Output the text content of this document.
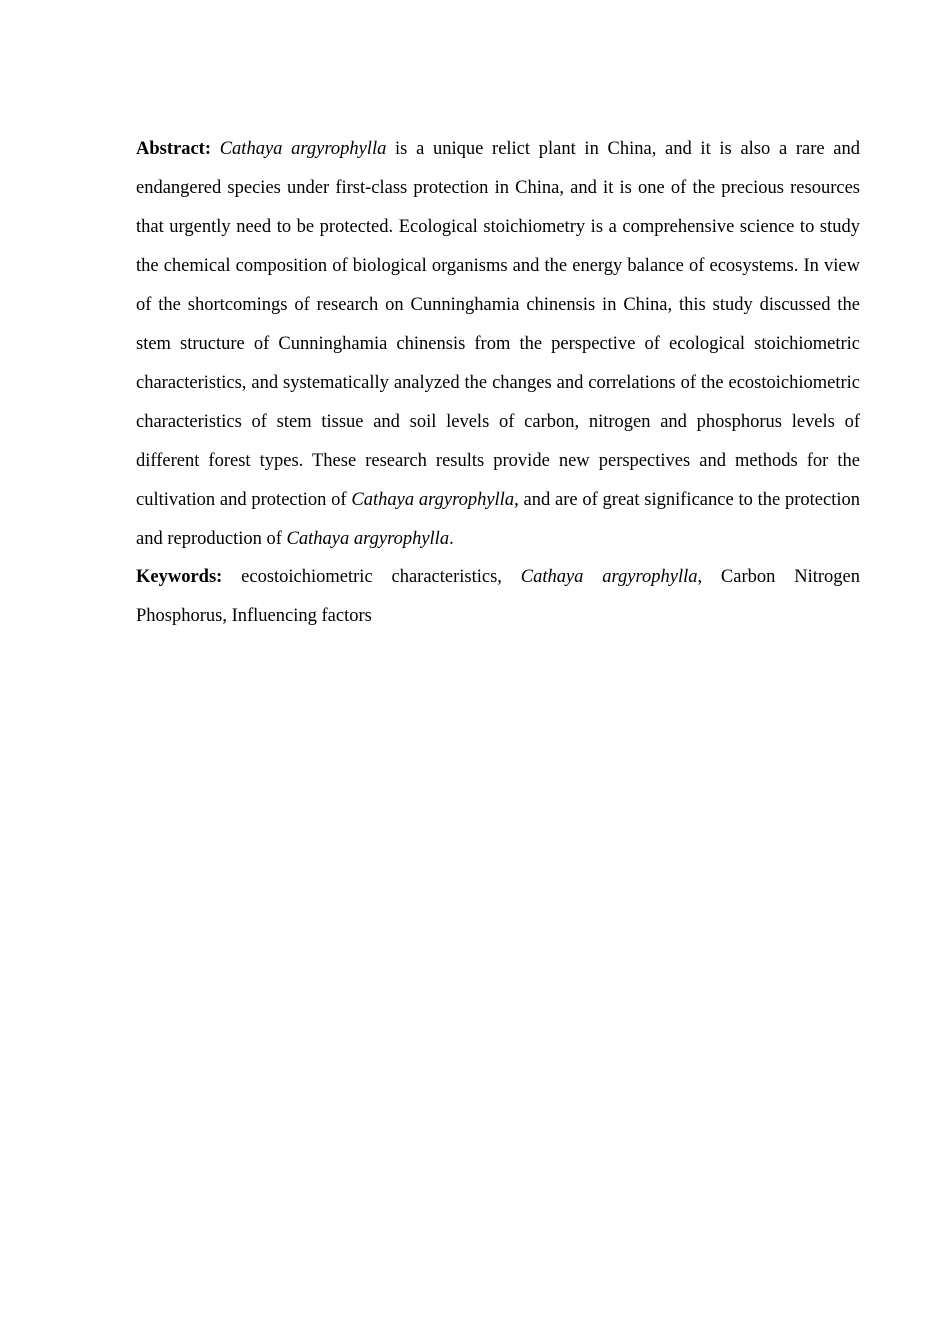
Abstract: Cathaya argyrophylla is a unique relict plant in China, and it is also a rare and endangered species under first-class protection in China, and it is one of the precious resources that urgently need to be protected. Ecological stoichiometry is a comprehensive science to study the chemical composition of biological organisms and the energy balance of ecosystems. In view of the shortcomings of research on Cunninghamia chinensis in China, this study discussed the stem structure of Cunninghamia chinensis from the perspective of ecological stoichiometric characteristics, and systematically analyzed the changes and correlations of the ecostoichiometric characteristics of stem tissue and soil levels of carbon, nitrogen and phosphorus levels of different forest types. These research results provide new perspectives and methods for the cultivation and protection of Cathaya argyrophylla, and are of great significance to the protection and reproduction of Cathaya argyrophylla.

Keywords: ecostoichiometric characteristics, Cathaya argyrophylla, Carbon Nitrogen Phosphorus, Influencing factors
